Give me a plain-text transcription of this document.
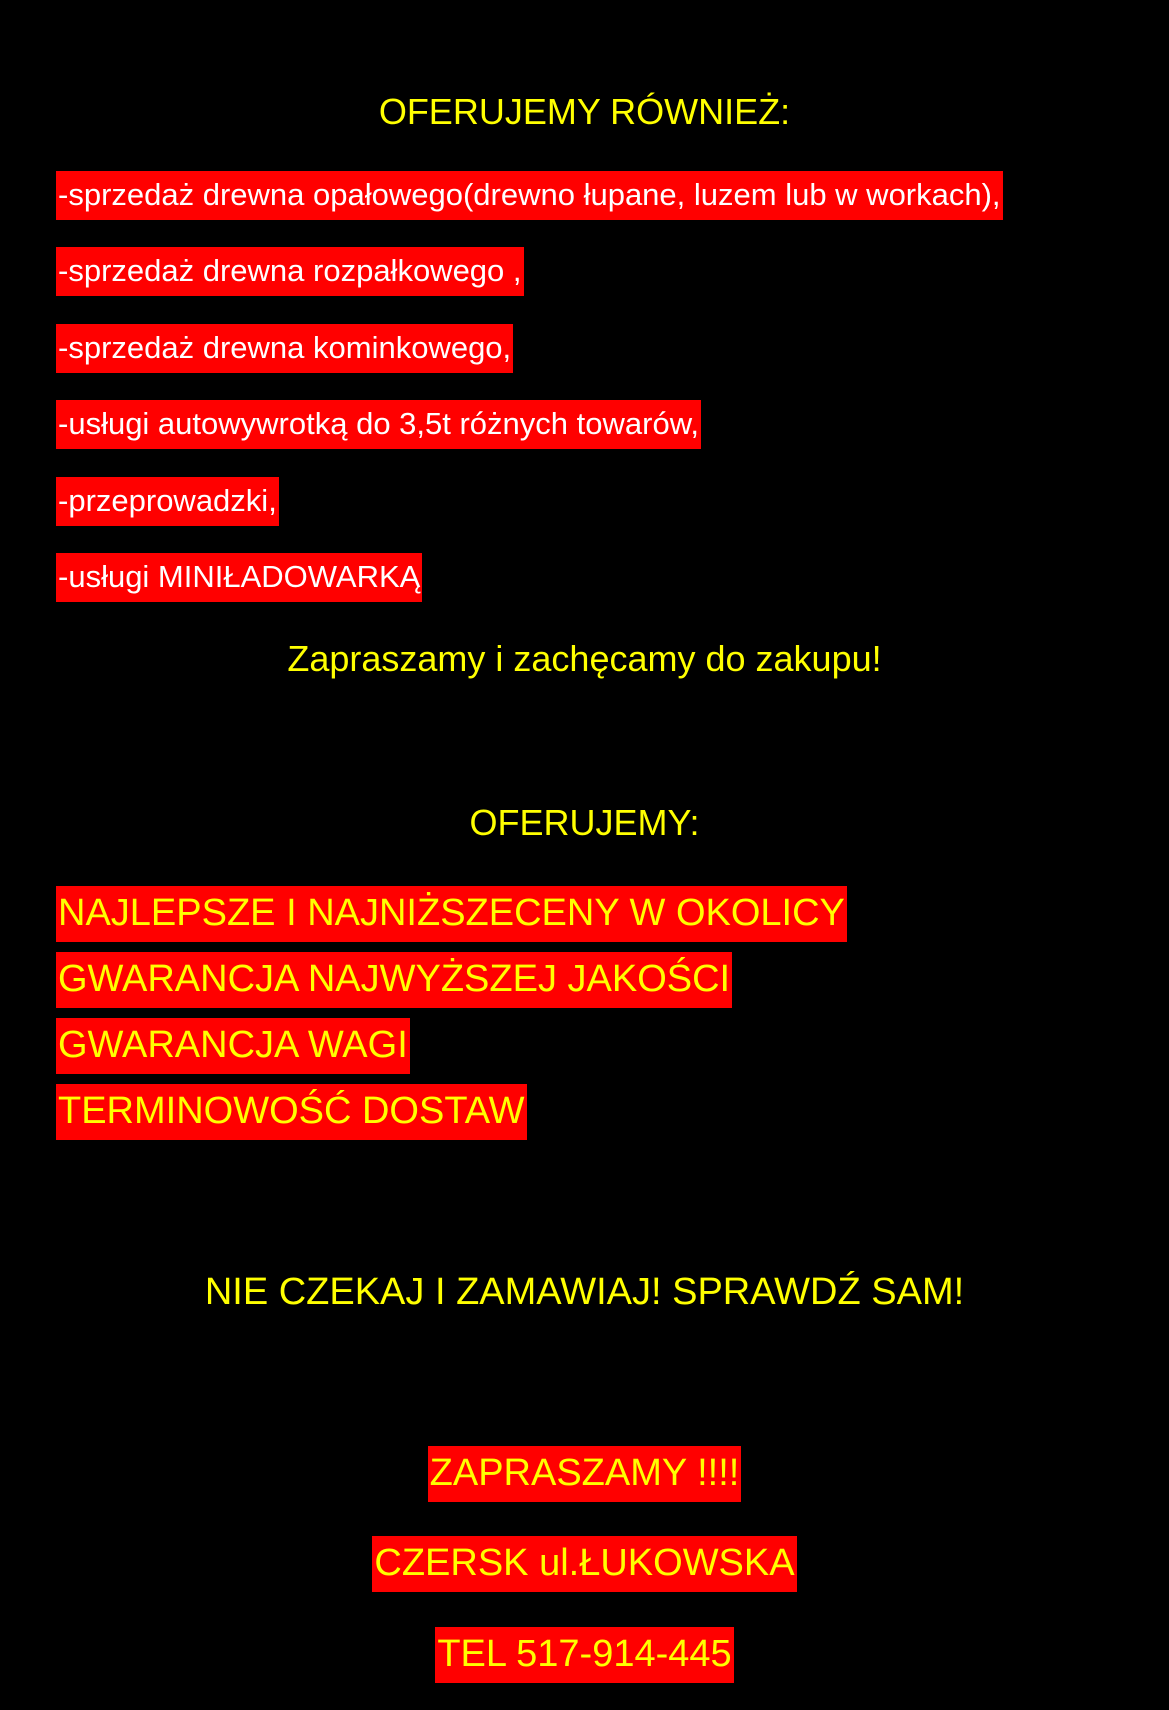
OFERUJEMY RÓWNIEŻ:
-sprzedaż drewna opałowego(drewno łupane, luzem lub w workach),
-sprzedaż drewna rozpałkowego ,
-sprzedaż drewna kominkowego,
-usługi autowywrotką do 3,5t różnych towarów,
-przeprowadzki,
-usługi MINIŁADOWARKĄ
Zapraszamy i zachęcamy do zakupu!
OFERUJEMY:
NAJLEPSZE I NAJNIŻSZECENY W OKOLICY
GWARANCJA NAJWYŻSZEJ JAKOŚCI
GWARANCJA WAGI
TERMINOWOŚĆ DOSTAW
NIE CZEKAJ I ZAMAWIAJ! SPRAWDŹ SAM!
ZAPRASZAMY !!!!
CZERSK ul.ŁUKOWSKA
TEL 517-914-445
